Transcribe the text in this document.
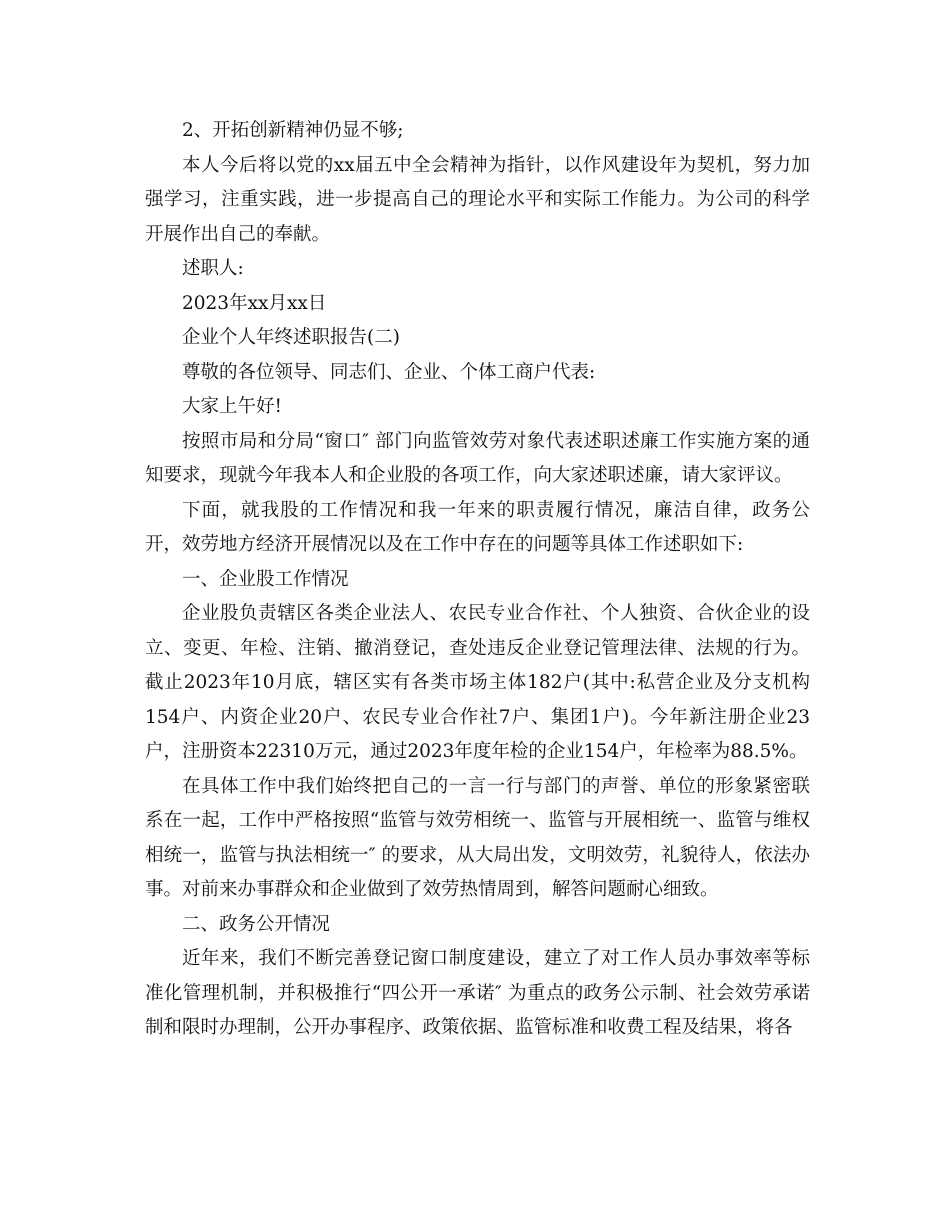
2、开拓创新精神仍显不够;

本人今后将以党的xx届五中全会精神为指针，以作风建设年为契机，努力加强学习，注重实践，进一步提高自己的理论水平和实际工作能力。为公司的科学开展作出自己的奉献。

述职人:

2023年xx月xx日

企业个人年终述职报告(二)

尊敬的各位领导、同志们、企业、个体工商户代表:

大家上午好!

按照市局和分局“窗口″ 部门向监管效劳对象代表述职述廉工作实施方案的通知要求，现就今年我本人和企业股的各项工作，向大家述职述廉，请大家评议。

下面，就我股的工作情况和我一年来的职责履行情况，廉洁自律，政务公开，效劳地方经济开展情况以及在工作中存在的问题等具体工作述职如下:

一、企业股工作情况

企业股负责辖区各类企业法人、农民专业合作社、个人独资、合伙企业的设立、变更、年检、注销、撤消登记，查处违反企业登记管理法律、法规的行为。截止2023年10月底，辖区实有各类市场主体182户(其中:私营企业及分支机构154户、内资企业20户、农民专业合作社7户、集团1户)。今年新注册企业23户，注册资本22310万元，通过2023年度年检的企业154户，年检率为88.5%。

在具体工作中我们始终把自己的一言一行与部门的声誉、单位的形象紧密联系在一起，工作中严格按照“监管与效劳相统一、监管与开展相统一、监管与维权相统一，监管与执法相统一″ 的要求，从大局出发，文明效劳，礼貌待人，依法办事。对前来办事群众和企业做到了效劳热情周到，解答问题耐心细致。

二、政务公开情况

近年来，我们不断完善登记窗口制度建设，建立了对工作人员办事效率等标准化管理机制，并积极推行“四公开一承诺″ 为重点的政务公示制、社会效劳承诺制和限时办理制，公开办事程序、政策依据、监管标准和收费工程及结果，将各
